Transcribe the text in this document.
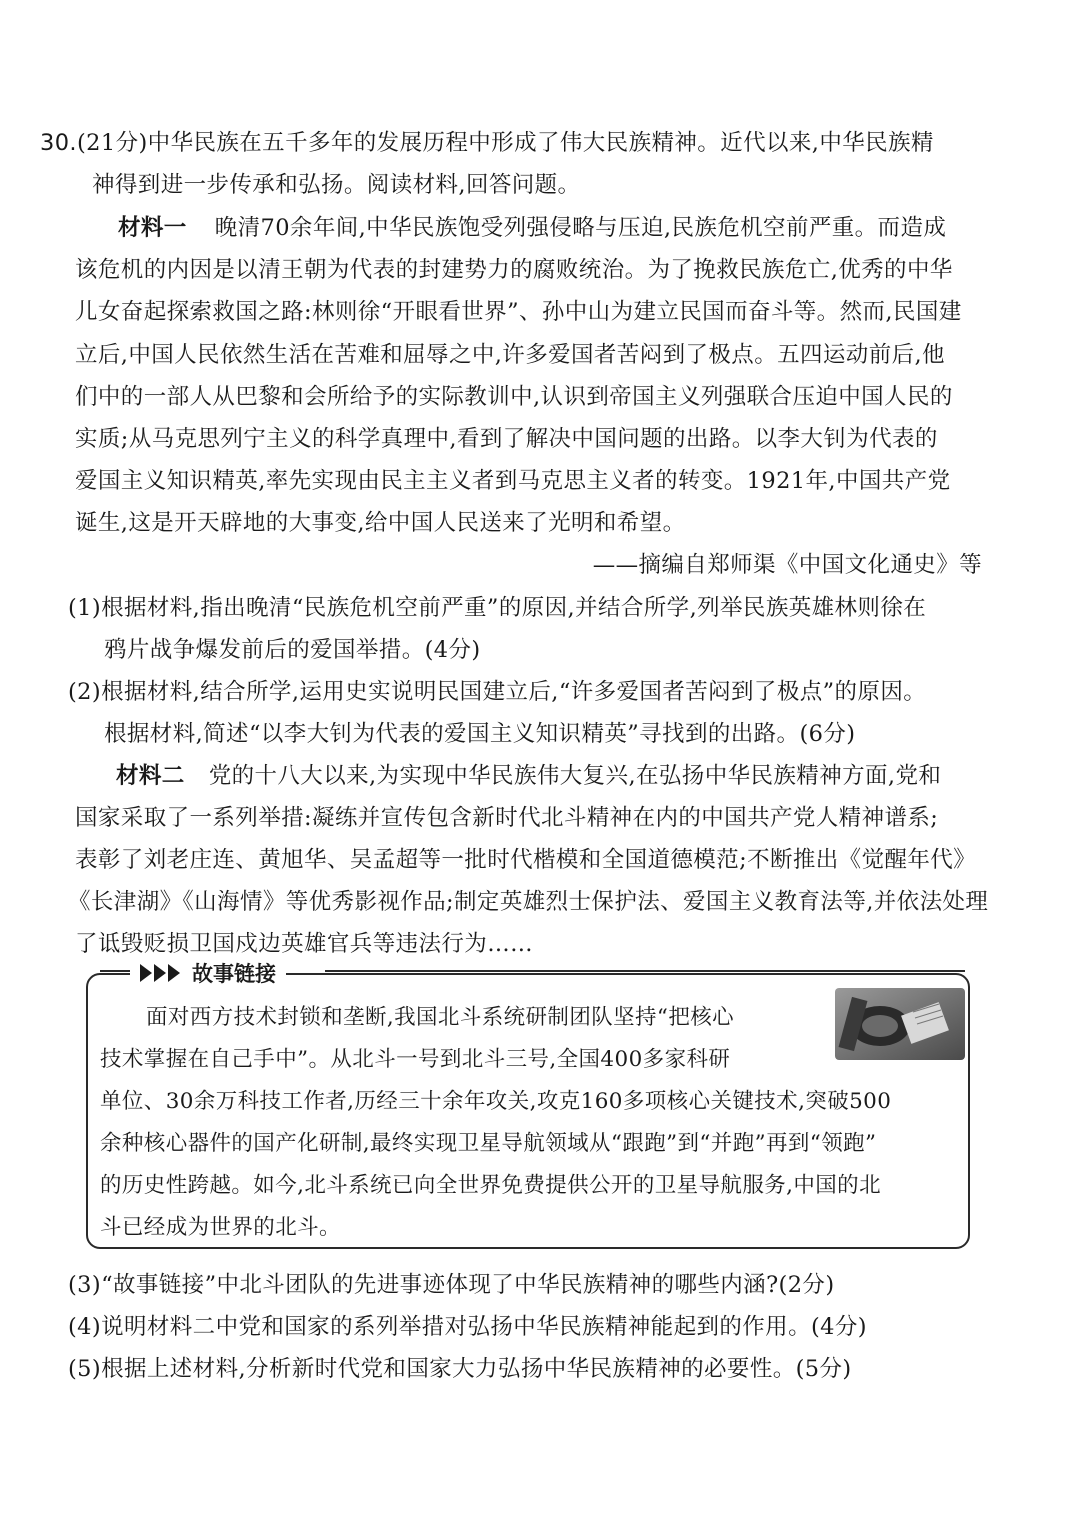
30.(21分)中华民族在五千多年的发展历程中形成了伟大民族精神。近代以来,中华民族精
神得到进一步传承和弘扬。阅读材料,回答问题。
材料一 晚清70余年间,中华民族饱受列强侵略与压迫,民族危机空前严重。而造成
该危机的内因是以清王朝为代表的封建势力的腐败统治。为了挽救民族危亡,优秀的中华
儿女奋起探索救国之路:林则徐“开眼看世界”、孙中山为建立民国而奋斗等。然而,民国建
立后,中国人民依然生活在苦难和屈辱之中,许多爱国者苦闷到了极点。五四运动前后,他
们中的一部人从巴黎和会所给予的实际教训中,认识到帝国主义列强联合压迫中国人民的
实质;从马克思列宁主义的科学真理中,看到了解决中国问题的出路。以李大钊为代表的
爱国主义知识精英,率先实现由民主主义者到马克思主义者的转变。1921年,中国共产党
诞生,这是开天辟地的大事变,给中国人民送来了光明和希望。
——摘编自郑师渠《中国文化通史》等
(1)根据材料,指出晚清“民族危机空前严重”的原因,并结合所学,列举民族英雄林则徐在
鸦片战争爆发前后的爱国举措。(4分)
(2)根据材料,结合所学,运用史实说明民国建立后,“许多爱国者苦闷到了极点”的原因。
根据材料,简述“以李大钊为代表的爱国主义知识精英”寻找到的出路。(6分)
材料二 党的十八大以来,为实现中华民族伟大复兴,在弘扬中华民族精神方面,党和
国家采取了一系列举措:凝练并宣传包含新时代北斗精神在内的中国共产党人精神谱系;
表彰了刘老庄连、黄旭华、吴孟超等一批时代楷模和全国道德模范;不断推出《觉醒年代》
《长津湖》《山海情》等优秀影视作品;制定英雄烈士保护法、爱国主义教育法等,并依法处理
了诋毁贬损卫国戍边英雄官兵等违法行为……
故事链接
面对西方技术封锁和垄断,我国北斗系统研制团队坚持“把核心
技术掌握在自己手中”。从北斗一号到北斗三号,全国400多家科研
单位、30余万科技工作者,历经三十余年攻关,攻克160多项核心关键技术,突破500
余种核心器件的国产化研制,最终实现卫星导航领域从“跟跑”到“并跑”再到“领跑”
的历史性跨越。如今,北斗系统已向全世界免费提供公开的卫星导航服务,中国的北
斗已经成为世界的北斗。
(3)“故事链接”中北斗团队的先进事迹体现了中华民族精神的哪些内涵?(2分)
(4)说明材料二中党和国家的系列举措对弘扬中华民族精神能起到的作用。(4分)
(5)根据上述材料,分析新时代党和国家大力弘扬中华民族精神的必要性。(5分)
